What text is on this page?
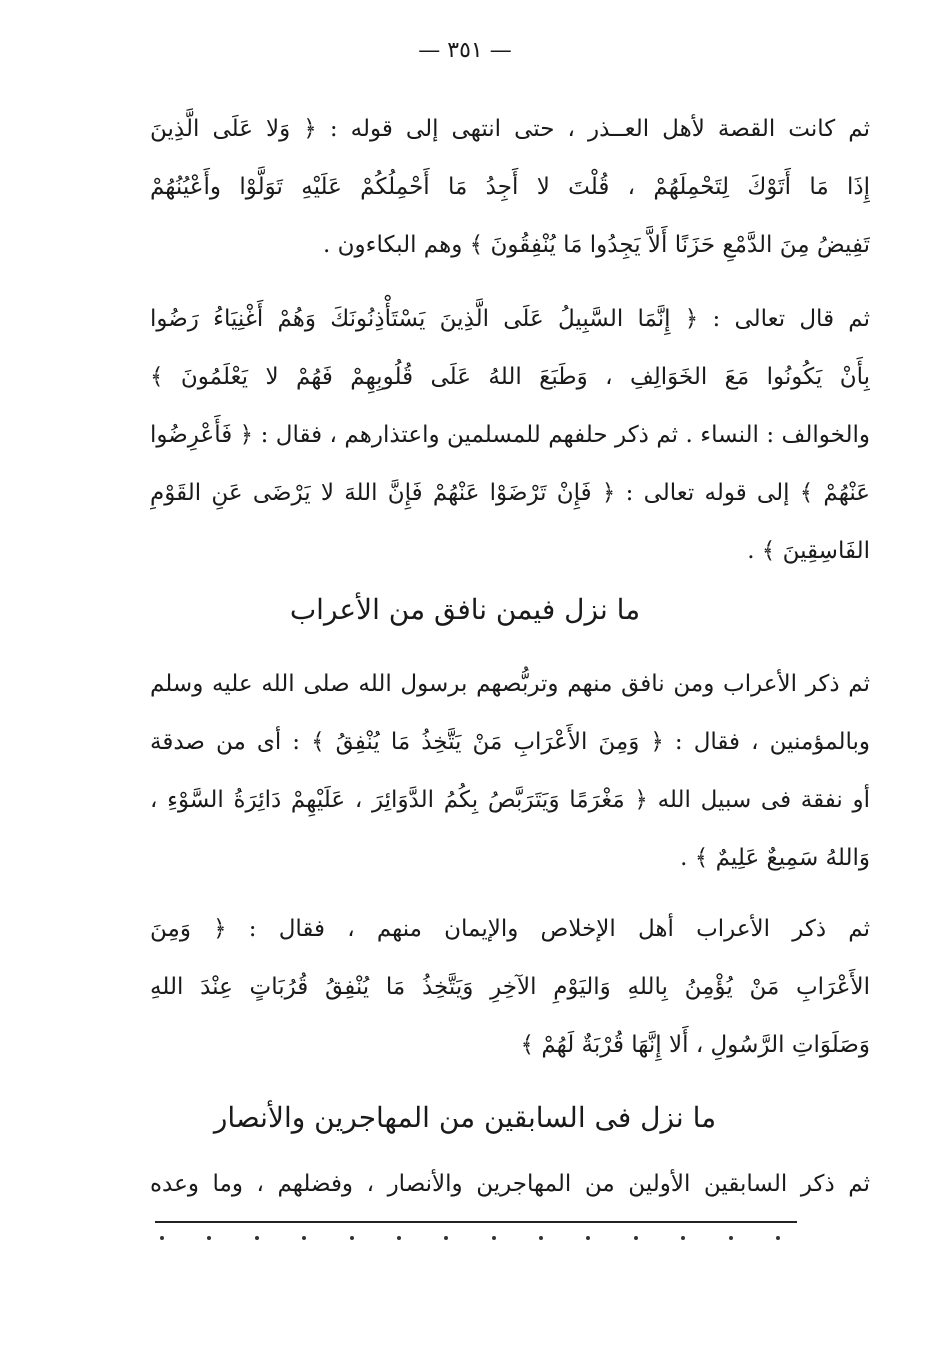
— ٣٥١ —
ثم كانت القصة لأهل العــذر ، حتى انتهى إلى قوله : ﴿ وَلا عَلَى الَّذِينَ
إِذَا مَا أَتَوْكَ لِتَحْمِلَهُمْ ، قُلْتَ لا أَجِدُ مَا أَحْمِلُكُمْ عَلَيْهِ تَوَلَّوْا وأَعْيُنُهُمْ
تَفِيضُ مِنَ الدَّمْعِ حَزَنًا أَلاَّ يَجِدُوا مَا يُنْفِقُونَ ﴾ وهم البكاءون .
ثم قال تعالى : ﴿ إِنَّمَا السَّبِيلُ عَلَى الَّذِينَ يَسْتَأْذِنُونَكَ وَهُمْ أَغْنِيَاءُ رَضُوا
بِأَنْ يَكُونُوا مَعَ الخَوَالِفِ ، وَطَبَعَ اللهُ عَلَى قُلُوبِهِمْ فَهُمْ لا يَعْلَمُونَ ﴾
والخوالف : النساء . ثم ذكر حلفهم للمسلمين واعتذارهم ، فقال : ﴿ فَأَعْرِضُوا
عَنْهُمْ ﴾ إلى قوله تعالى : ﴿ فَإِنْ تَرْضَوْا عَنْهُمْ فَإِنَّ اللهَ لا يَرْضَى عَنِ القَوْمِ
الفَاسِقِينَ ﴾ .
ما نزل فيمن نافق من الأعراب
ثم ذكر الأعراب ومن نافق منهم وتربُّصهم برسول الله صلى الله عليه وسلم
وبالمؤمنين ، فقال : ﴿ وَمِنَ الأَعْرَابِ مَنْ يَتَّخِذُ مَا يُنْفِقُ ﴾ : أى من صدقة
أو نفقة فى سبيل الله ﴿ مَغْرَمًا وَيَتَرَبَّصُ بِكُمُ الدَّوَائِرَ ، عَلَيْهِمْ دَائِرَةُ السَّوْءِ ،
وَاللهُ سَمِيعٌ عَلِيمٌ ﴾ .
ثم ذكر الأعراب أهل الإخلاص والإيمان منهم ، فقال : ﴿ وَمِنَ
الأَعْرَابِ مَنْ يُؤْمِنُ بِاللهِ وَاليَوْمِ الآخِرِ وَيَتَّخِذُ مَا يُنْفِقُ قُرُبَاتٍ عِنْدَ اللهِ
وَصَلَوَاتِ الرَّسُولِ ، أَلا إِنَّهَا قُرْبَةٌ لَهُمْ ﴾
ما نزل فى السابقين من المهاجرين والأنصار
ثم ذكر السابقين الأولين من المهاجرين والأنصار ، وفضلهم ، وما وعده
